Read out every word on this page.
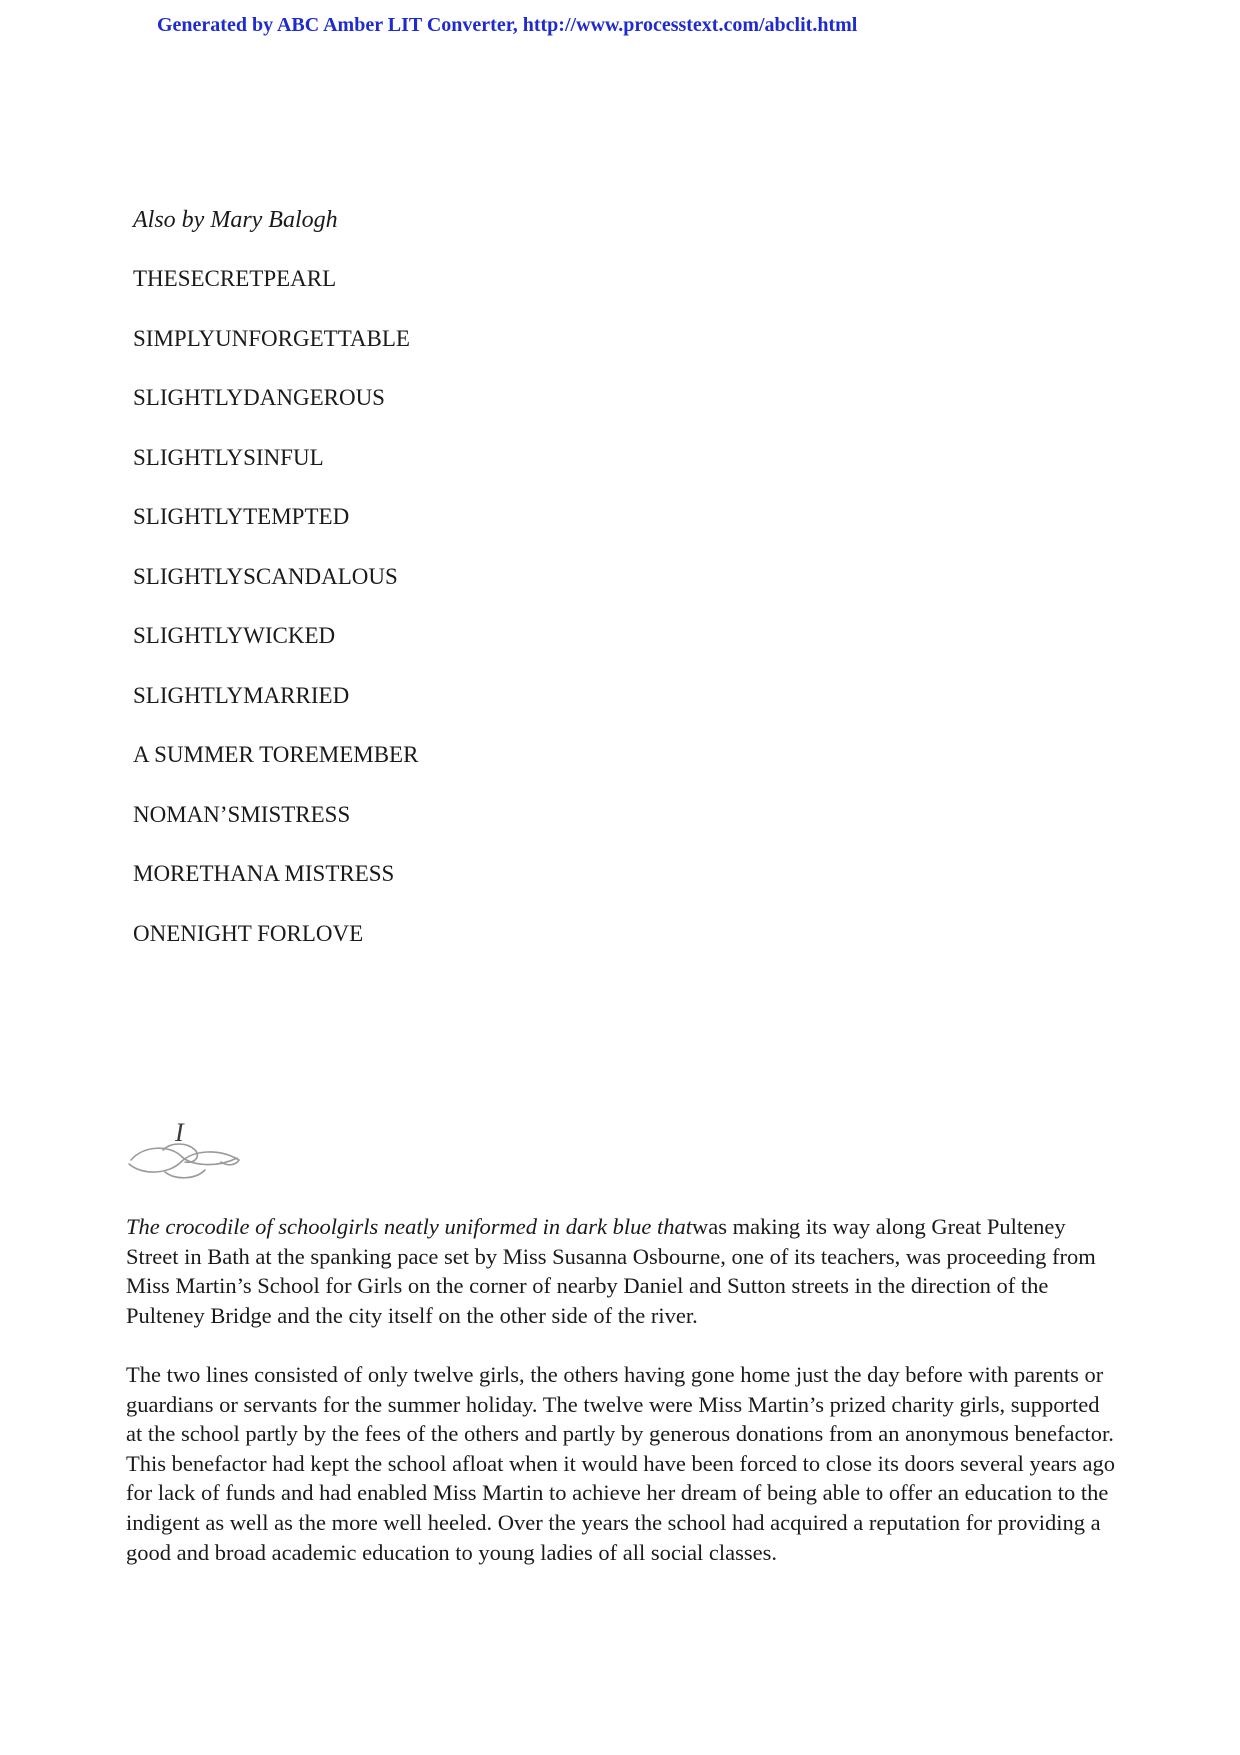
Generated by ABC Amber LIT Converter, http://www.processtext.com/abclit.html
Also by Mary Balogh
THESECRETPEARL
SIMPLYUNFORGETTABLE
SLIGHTLYDANGEROUS
SLIGHTLYSINFUL
SLIGHTLYTEMPTED
SLIGHTLYSCANDALOUS
SLIGHTLYWICKED
SLIGHTLYMARRIED
A SUMMER TOREMEMBER
NOMAN’SMISTRESS
MORETHANA MISTRESS
ONENIGHT FORLOVE
I

The crocodile of schoolgirls neatly uniformed in dark blue thatwas making its way along Great Pulteney Street in Bath at the spanking pace set by Miss Susanna Osbourne, one of its teachers, was proceeding from Miss Martin’s School for Girls on the corner of nearby Daniel and Sutton streets in the direction of the Pulteney Bridge and the city itself on the other side of the river.

The two lines consisted of only twelve girls, the others having gone home just the day before with parents or guardians or servants for the summer holiday. The twelve were Miss Martin’s prized charity girls, supported at the school partly by the fees of the others and partly by generous donations from an anonymous benefactor. This benefactor had kept the school afloat when it would have been forced to close its doors several years ago for lack of funds and had enabled Miss Martin to achieve her dream of being able to offer an education to the indigent as well as the more well heeled. Over the years the school had acquired a reputation for providing a good and broad academic education to young ladies of all social classes.
